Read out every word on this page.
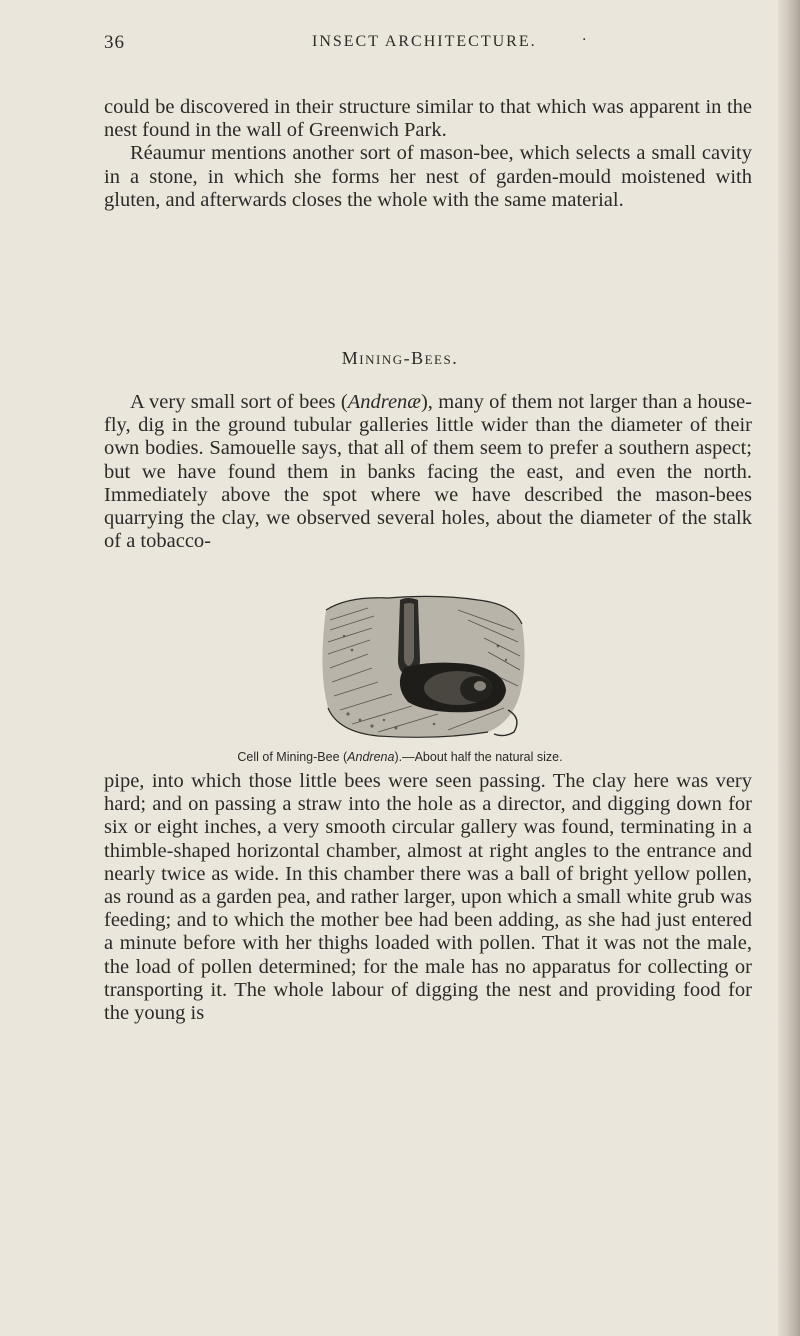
36	INSECT ARCHITECTURE.	·

could be discovered in their structure similar to that which was apparent in the nest found in the wall of Greenwich Park.

Réaumur mentions another sort of mason-bee, which selects a small cavity in a stone, in which she forms her nest of garden-mould moistened with gluten, and afterwards closes the whole with the same material.

Mining-Bees.

A very small sort of bees (Andrenæ), many of them not larger than a house-fly, dig in the ground tubular galleries little wider than the diameter of their own bodies. Samouelle says, that all of them seem to prefer a southern aspect; but we have found them in banks facing the east, and even the north. Immediately above the spot where we have described the mason-bees quarrying the clay, we observed several holes, about the diameter of the stalk of a tobacco-

Cell of Mining-Bee (Andrena).—About half the natural size.

pipe, into which those little bees were seen passing. The clay here was very hard; and on passing a straw into the hole as a director, and digging down for six or eight inches, a very smooth circular gallery was found, terminating in a thimble-shaped horizontal chamber, almost at right angles to the entrance and nearly twice as wide. In this chamber there was a ball of bright yellow pollen, as round as a garden pea, and rather larger, upon which a small white grub was feeding; and to which the mother bee had been adding, as she had just entered a minute before with her thighs loaded with pollen. That it was not the male, the load of pollen determined; for the male has no apparatus for collecting or transporting it. The whole labour of digging the nest and providing food for the young is
